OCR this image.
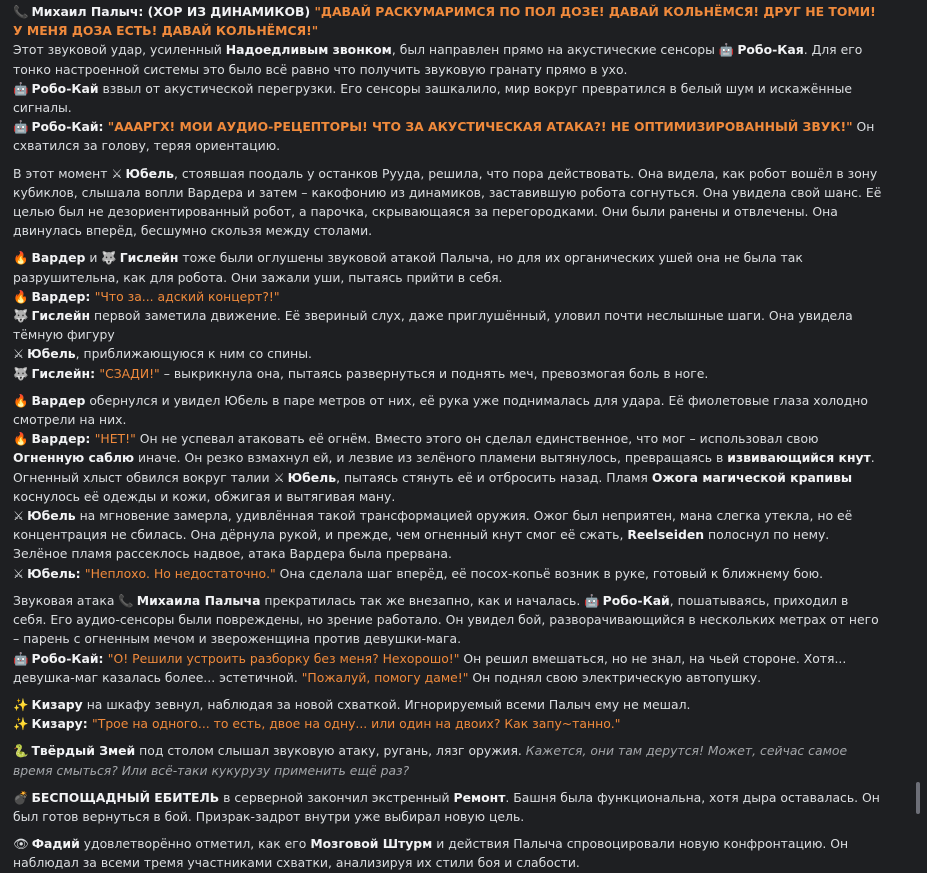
📞 Михаил Палыч: (ХОР ИЗ ДИНАМИКОВ) "ДАВАЙ РАСКУМАРИМСЯ ПО ПОЛ ДОЗЕ! ДАВАЙ КОЛЬНЁМСЯ! ДРУГ НЕ ТОМИ! У МЕНЯ ДОЗА ЕСТЬ! ДАВАЙ КОЛЬНЁМСЯ!"

Этот звуковой удар, усиленный Надоедливым звонком, был направлен прямо на акустические сенсоры 🤖 Робо-Кая. Для его тонко настроенной системы это было всё равно что получить звуковую гранату прямо в ухо.

🤖 Робо-Кай взвыл от акустической перегрузки. Его сенсоры зашкалило, мир вокруг превратился в белый шум и искажённые сигналы.

🤖 Робо-Кай: "АААРГХ! МОИ АУДИО-РЕЦЕПТОРЫ! ЧТО ЗА АКУСТИЧЕСКАЯ АТАКА?! НЕ ОПТИМИЗИРОВАННЫЙ ЗВУК!" Он схватился за голову, теряя ориентацию.

В этот момент ⚔ Юбель, стоявшая поодаль у останков Рууда, решила, что пора действовать. Она видела, как робот вошёл в зону кубиклов, слышала вопли Вардера и затем – какофонию из динамиков, заставившую робота согнуться. Она увидела свой шанс. Её целью был не дезориентированный робот, а парочка, скрывающаяся за перегородками. Они были ранены и отвлечены. Она двинулась вперёд, бесшумно скользя между столами.

🔥 Вардер и 🐺 Гислейн тоже были оглушены звуковой атакой Палыча, но для их органических ушей она не была так разрушительна, как для робота. Они зажали уши, пытаясь прийти в себя.

🔥 Вардер: "Что за... адский концерт?!"

🐺 Гислейн первой заметила движение. Её звериный слух, даже приглушённый, уловил почти неслышные шаги. Она увидела тёмную фигуру

⚔ Юбель, приближающуюся к ним со спины.

🐺 Гислейн: "СЗАДИ!" – выкрикнула она, пытаясь развернуться и поднять меч, превозмогая боль в ноге.

🔥 Вардер обернулся и увидел Юбель в паре метров от них, её рука уже поднималась для удара. Её фиолетовые глаза холодно смотрели на них.

🔥 Вардер: "НЕТ!" Он не успевал атаковать её огнём. Вместо этого он сделал единственное, что мог – использовал свою Огненную саблю иначе. Он резко взмахнул ей, и лезвие из зелёного пламени вытянулось, превращаясь в извивающийся кнут. Огненный хлыст обвился вокруг талии ⚔ Юбель, пытаясь стянуть её и отбросить назад. Пламя Ожога магической крапивы коснулось её одежды и кожи, обжигая и вытягивая ману.

⚔ Юбель на мгновение замерла, удивлённая такой трансформацией оружия. Ожог был неприятен, мана слегка утекла, но её концентрация не сбилась. Она дёрнула рукой, и прежде, чем огненный кнут смог её сжать, Reelseiden полоснул по нему. Зелёное пламя рассеклось надвое, атака Вардера была прервана.

⚔ Юбель: "Неплохо. Но недостаточно." Она сделала шаг вперёд, её посох-копьё возник в руке, готовый к ближнему бою.

Звуковая атака 📞 Михаила Палыча прекратилась так же внезапно, как и началась. 🤖 Робо-Кай, пошатываясь, приходил в себя. Его аудио-сенсоры были повреждены, но зрение работало. Он увидел бой, разворачивающийся в нескольких метрах от него – парень с огненным мечом и звероженщина против девушки-мага.

🤖 Робо-Кай: "О! Решили устроить разборку без меня? Нехорошо!" Он решил вмешаться, но не знал, на чьей стороне. Хотя... девушка-маг казалась более... эстетичной. "Пожалуй, помогу даме!" Он поднял свою электрическую автопушку.

✨ Кизару на шкафу зевнул, наблюдая за новой схваткой. Игнорируемый всеми Палыч ему не мешал.

✨ Кизару: "Трое на одного... то есть, двое на одну... или один на двоих? Как запу~танно."

🐍 Твёрдый Змей под столом слышал звуковую атаку, ругань, лязг оружия. Кажется, они там дерутся! Может, сейчас самое время смыться? Или всё-таки кукурузу применить ещё раз?

💣 БЕСПОЩАДНЫЙ ЕБИТЕЛЬ в серверной закончил экстренный Ремонт. Башня была функциональна, хотя дыра оставалась. Он был готов вернуться в бой. Призрак-задрот внутри уже выбирал новую цель.

👁 Фадий удовлетворённо отметил, как его Мозговой Штурм и действия Палыча спровоцировали новую конфронтацию. Он наблюдал за всеми тремя участниками схватки, анализируя их стили боя и слабости.
